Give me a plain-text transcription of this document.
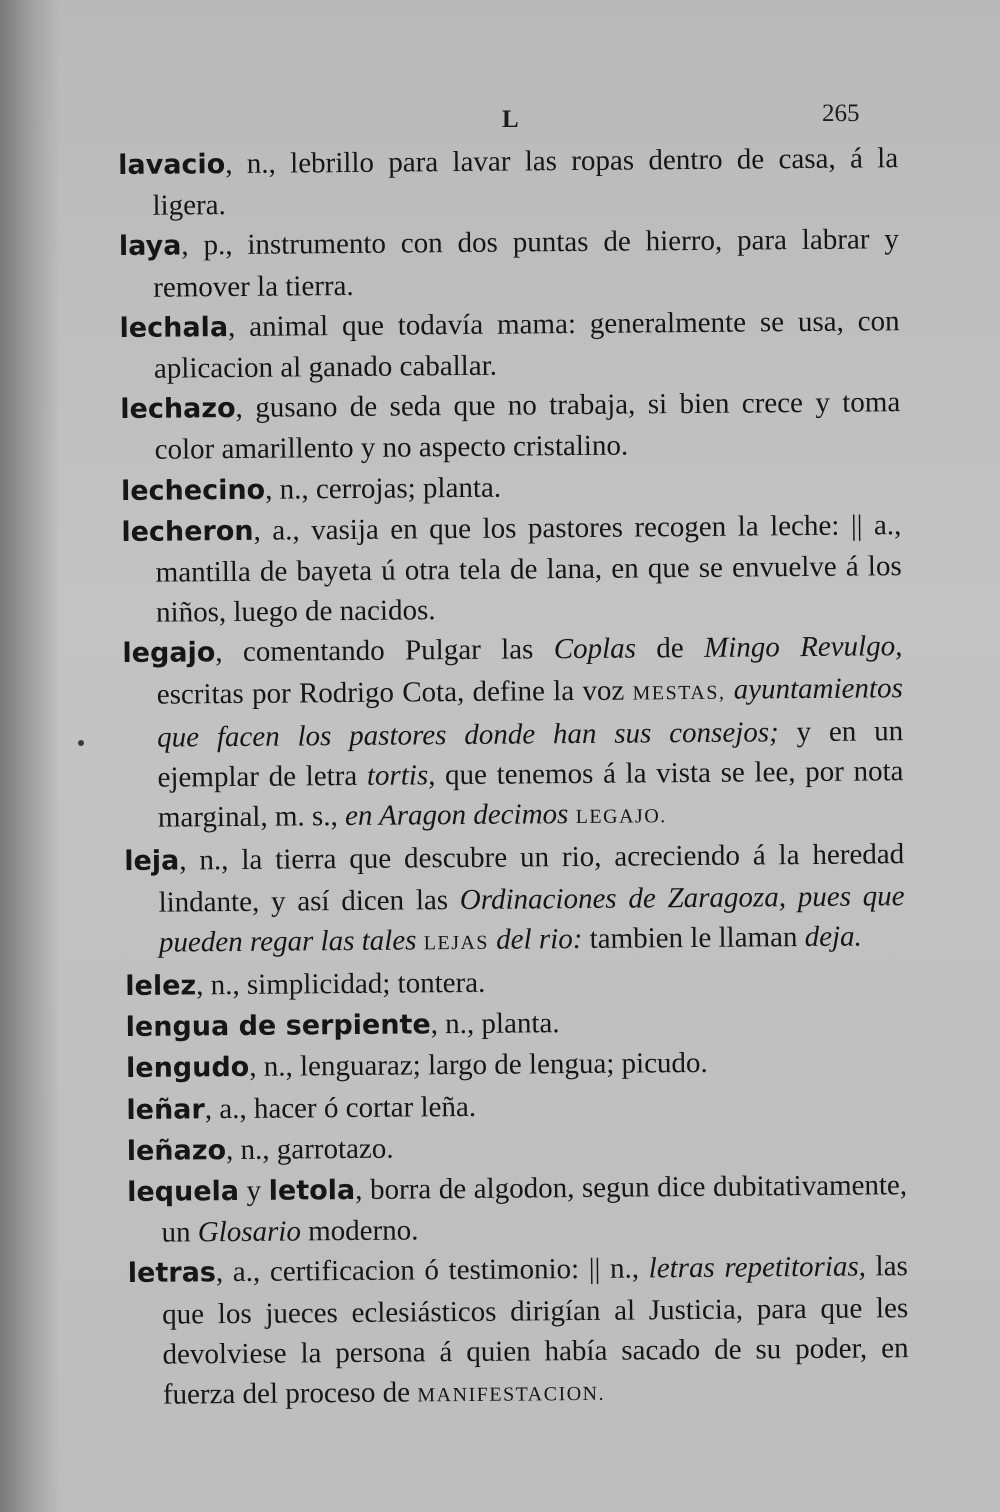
L	265

lavacio, n., lebrillo para lavar las ropas dentro de casa, á la ligera.

laya, p., instrumento con dos puntas de hierro, para labrar y remover la tierra.

lechala, animal que todavía mama: generalmente se usa, con aplicacion al ganado caballar.

lechazo, gusano de seda que no trabaja, si bien crece y toma color amarillento y no aspecto cristalino.

lechecino, n., cerrojas; planta.

lecheron, a., vasija en que los pastores recogen la leche: || a., mantilla de bayeta ú otra tela de lana, en que se envuelve á los niños, luego de nacidos.

legajo, comentando Pulgar las Coplas de Mingo Revulgo, escritas por Rodrigo Cota, define la voz MESTAS, ayuntamientos que facen los pastores donde han sus consejos; y en un ejemplar de letra tortis, que tenemos á la vista se lee, por nota marginal, m. s., en Aragon decimos LEGAJO.

leja, n., la tierra que descubre un rio, acreciendo á la heredad lindante, y así dicen las Ordinaciones de Zaragoza, pues que pueden regar las tales LEJAS del rio: tambien le llaman deja.

lelez, n., simplicidad; tontera.

lengua de serpiente, n., planta.

lengudo, n., lenguaraz; largo de lengua; picudo.

leñar, a., hacer ó cortar leña.

leñazo, n., garrotazo.

lequela y letola, borra de algodon, segun dice dubitativamente, un Glosario moderno.

letras, a., certificacion ó testimonio: || n., letras repetitorias, las que los jueces eclesiásticos dirigían al Justicia, para que les devolviese la persona á quien había sacado de su poder, en fuerza del proceso de MANIFESTACION.
